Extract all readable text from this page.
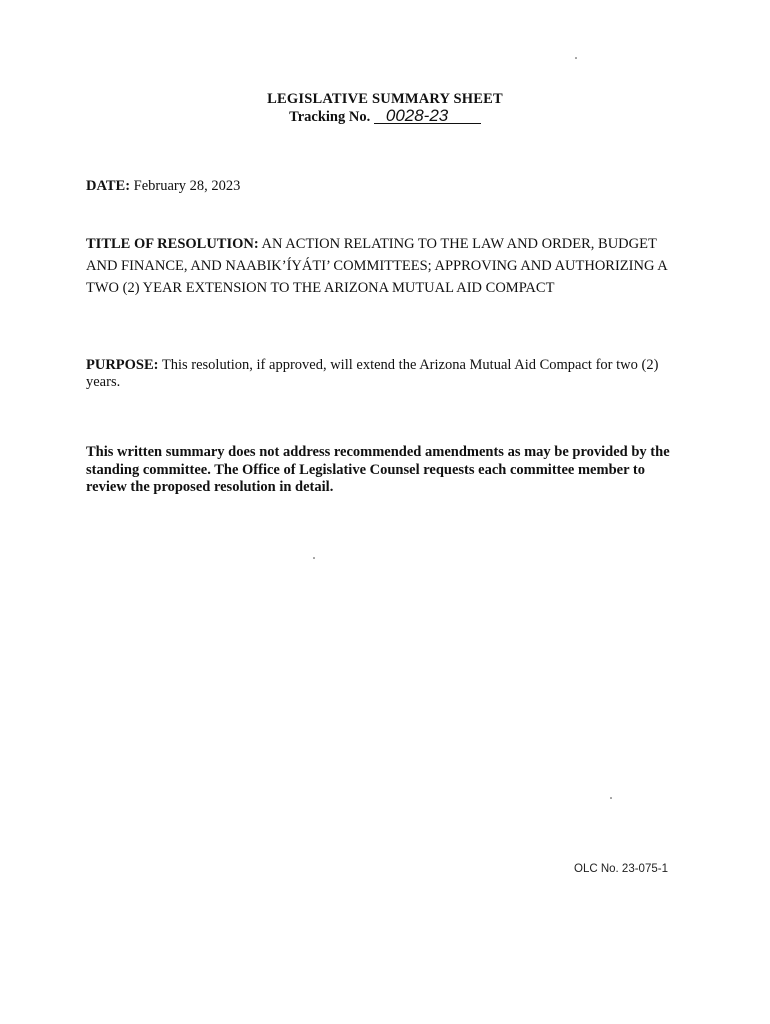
LEGISLATIVE SUMMARY SHEET
Tracking No. 0028-23
DATE: February 28, 2023
TITLE OF RESOLUTION: AN ACTION RELATING TO THE LAW AND ORDER, BUDGET AND FINANCE, AND NAABIK’ÍYÁTI’ COMMITTEES; APPROVING AND AUTHORIZING A TWO (2) YEAR EXTENSION TO THE ARIZONA MUTUAL AID COMPACT
PURPOSE: This resolution, if approved, will extend the Arizona Mutual Aid Compact for two (2) years.
This written summary does not address recommended amendments as may be provided by the standing committee. The Office of Legislative Counsel requests each committee member to review the proposed resolution in detail.
OLC No. 23-075-1
